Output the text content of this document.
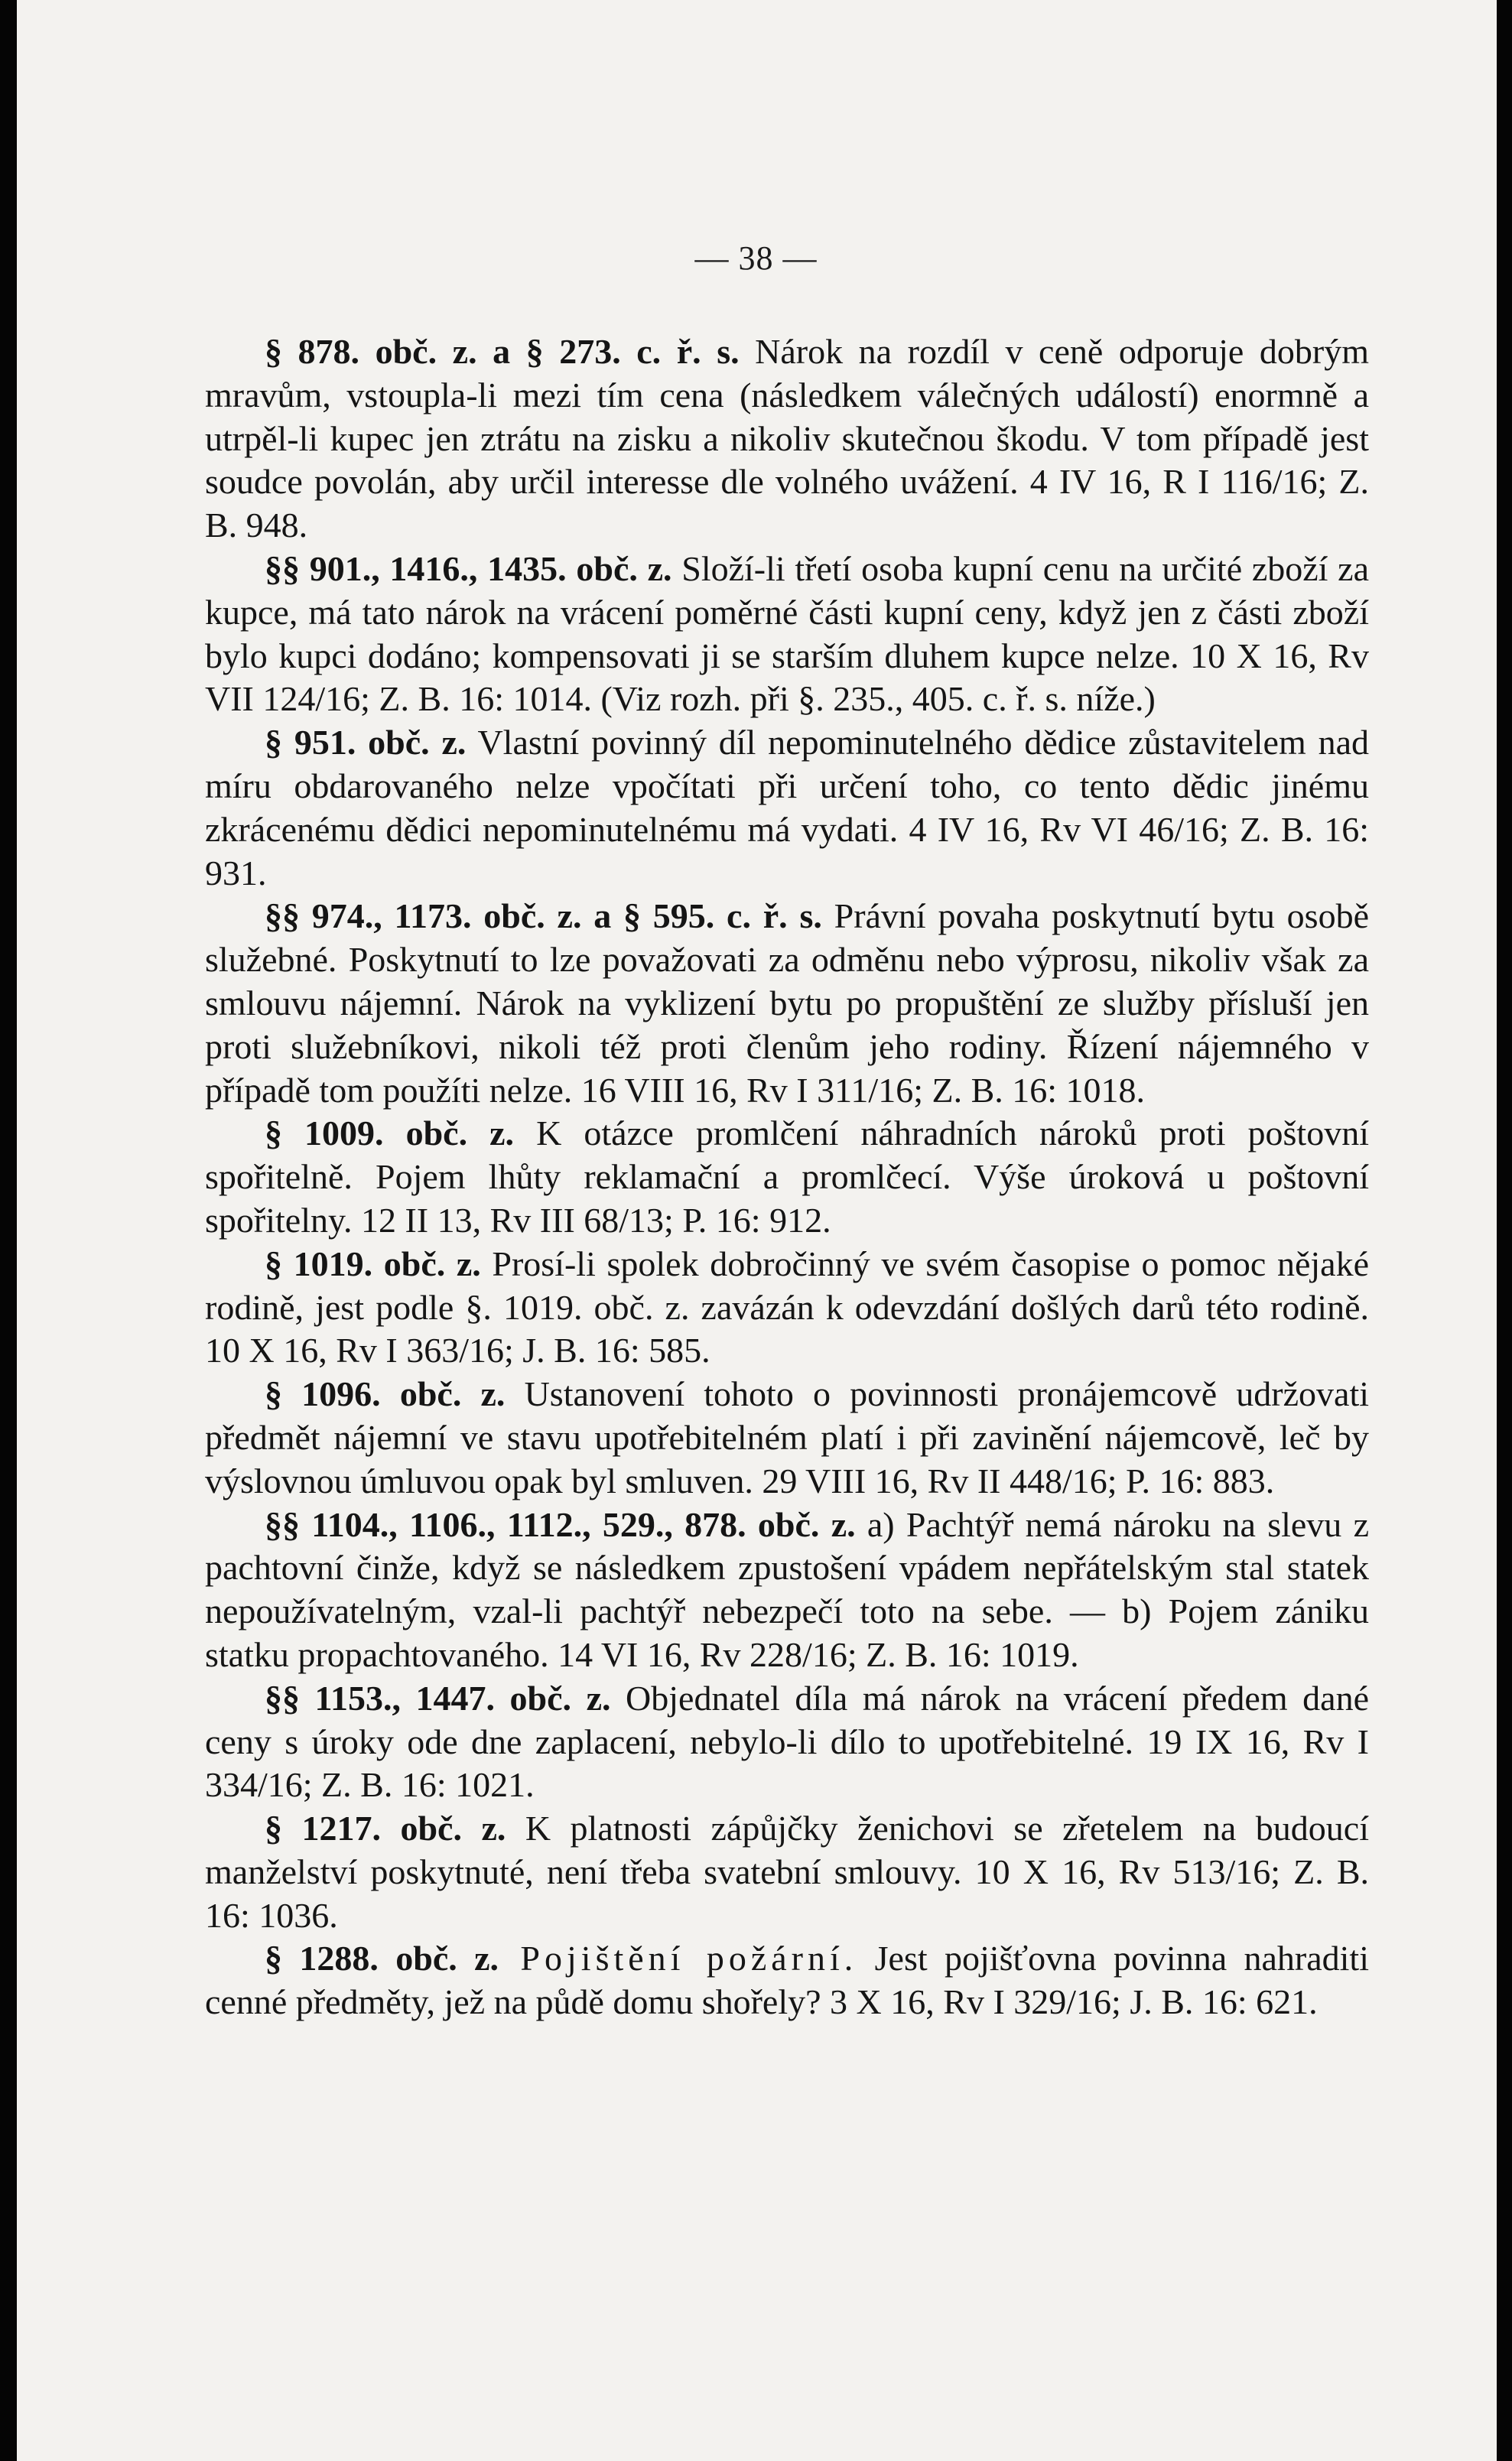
— 38 —

§ 878. obč. z. a § 273. c. ř. s. Nárok na rozdíl v ceně odporuje dobrým mravům, vstoupla-li mezi tím cena (následkem válečných událostí) enormně a utrpěl-li kupec jen ztrátu na zisku a nikoliv skutečnou škodu. V tom případě jest soudce povolán, aby určil interesse dle volného uvážení. 4 IV 16, R I 116/16; Z. B. 948.

§§ 901., 1416., 1435. obč. z. Složí-li třetí osoba kupní cenu na určité zboží za kupce, má tato nárok na vrácení poměrné části kupní ceny, když jen z části zboží bylo kupci dodáno; kompensovati ji se starším dluhem kupce nelze. 10 X 16, Rv VII 124/16; Z. B. 16: 1014. (Viz rozh. při §. 235., 405. c. ř. s. níže.)

§ 951. obč. z. Vlastní povinný díl nepominutelného dědice zůstavitelem nad míru obdarovaného nelze vpočítati při určení toho, co tento dědic jinému zkrácenému dědici nepominutelnému má vydati. 4 IV 16, Rv VI 46/16; Z. B. 16: 931.

§§ 974., 1173. obč. z. a § 595. c. ř. s. Právní povaha poskytnutí bytu osobě služebné. Poskytnutí to lze považovati za odměnu nebo výprosu, nikoliv však za smlouvu nájemní. Nárok na vyklizení bytu po propuštění ze služby přísluší jen proti služebníkovi, nikoli též proti členům jeho rodiny. Řízení nájemného v případě tom použíti nelze. 16 VIII 16, Rv I 311/16; Z. B. 16: 1018.

§ 1009. obč. z. K otázce promlčení náhradních nároků proti poštovní spořitelně. Pojem lhůty reklamační a promlčecí. Výše úroková u poštovní spořitelny. 12 II 13, Rv III 68/13; P. 16: 912.

§ 1019. obč. z. Prosí-li spolek dobročinný ve svém časopise o pomoc nějaké rodině, jest podle §. 1019. obč. z. zavázán k odevzdání došlých darů této rodině. 10 X 16, Rv I 363/16; J. B. 16: 585.

§ 1096. obč. z. Ustanovení tohoto o povinnosti pronájemcově udržovati předmět nájemní ve stavu upotřebitelném platí i při zavinění nájemcově, leč by výslovnou úmluvou opak byl smluven. 29 VIII 16, Rv II 448/16; P. 16: 883.

§§ 1104., 1106., 1112., 529., 878. obč. z. a) Pachtýř nemá nároku na slevu z pachtovní činže, když se následkem zpustošení vpádem nepřátelským stal statek nepoužívatelným, vzal-li pachtýř nebezpečí toto na sebe. — b) Pojem zániku statku propachtovaného. 14 VI 16, Rv 228/16; Z. B. 16: 1019.

§§ 1153., 1447. obč. z. Objednatel díla má nárok na vrácení předem dané ceny s úroky ode dne zaplacení, nebylo-li dílo to upotřebitelné. 19 IX 16, Rv I 334/16; Z. B. 16: 1021.

§ 1217. obč. z. K platnosti zápůjčky ženichovi se zřetelem na budoucí manželství poskytnuté, není třeba svatební smlouvy. 10 X 16, Rv 513/16; Z. B. 16: 1036.

§ 1288. obč. z. Pojištění požární. Jest pojišťovna povinna nahraditi cenné předměty, jež na půdě domu shořely? 3 X 16, Rv I 329/16; J. B. 16: 621.
